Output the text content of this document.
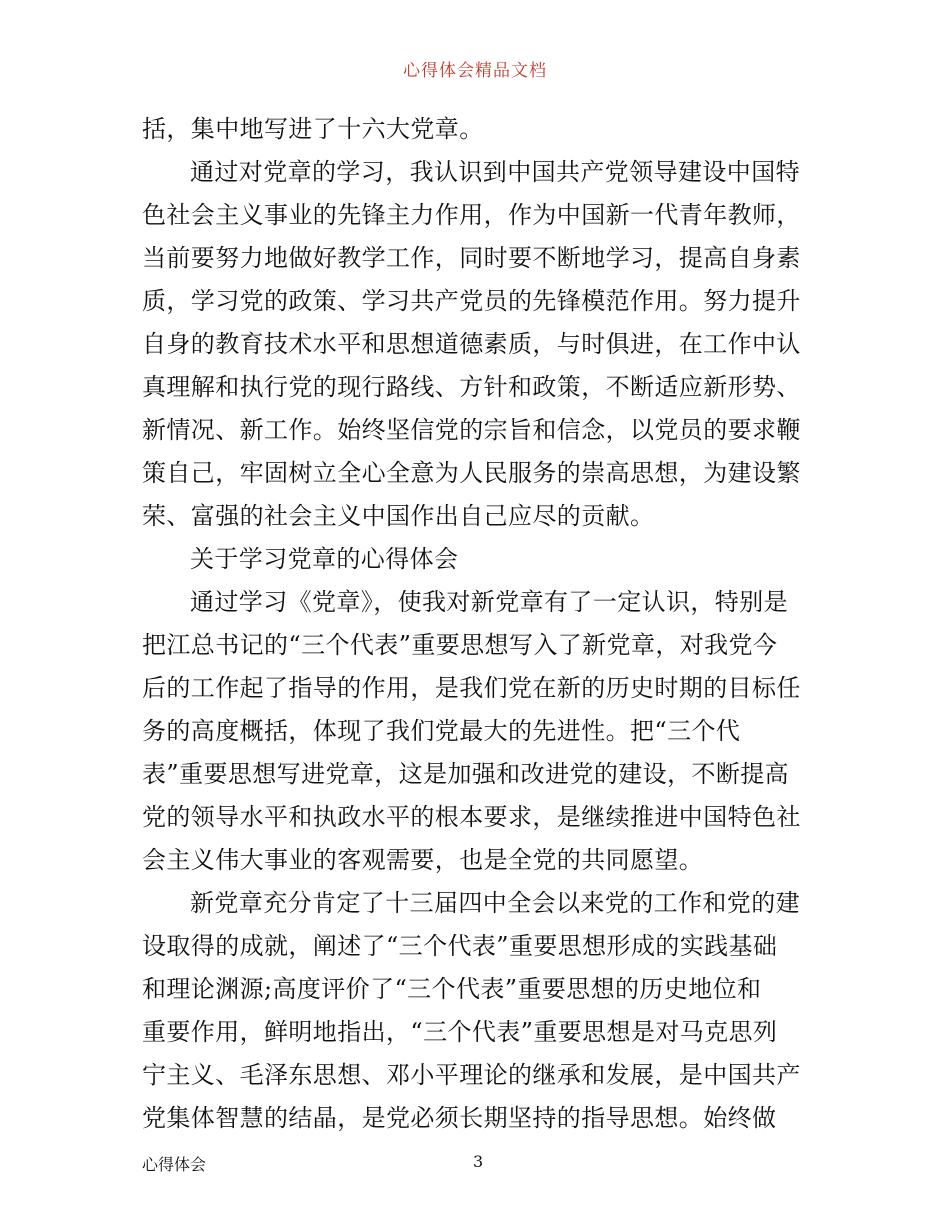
心得体会精品文档
括，集中地写进了十六大党章。
通过对党章的学习，我认识到中国共产党领导建设中国特
色社会主义事业的先锋主力作用，作为中国新一代青年教师，
当前要努力地做好教学工作，同时要不断地学习，提高自身素
质，学习党的政策、学习共产党员的先锋模范作用。努力提升
自身的教育技术水平和思想道德素质，与时俱进，在工作中认
真理解和执行党的现行路线、方针和政策，不断适应新形势、
新情况、新工作。始终坚信党的宗旨和信念，以党员的要求鞭
策自己，牢固树立全心全意为人民服务的崇高思想，为建设繁
荣、富强的社会主义中国作出自己应尽的贡献。
关于学习党章的心得体会
通过学习《党章》，使我对新党章有了一定认识，特别是
把江总书记的“三个代表”重要思想写入了新党章，对我党今
后的工作起了指导的作用，是我们党在新的历史时期的目标任
务的高度概括，体现了我们党最大的先进性。把“三个代
表”重要思想写进党章，这是加强和改进党的建设，不断提高
党的领导水平和执政水平的根本要求，是继续推进中国特色社
会主义伟大事业的客观需要，也是全党的共同愿望。
新党章充分肯定了十三届四中全会以来党的工作和党的建
设取得的成就，阐述了“三个代表”重要思想形成的实践基础
和理论渊源;高度评价了“三个代表”重要思想的历史地位和
重要作用，鲜明地指出，“三个代表”重要思想是对马克思列
宁主义、毛泽东思想、邓小平理论的继承和发展，是中国共产
党集体智慧的结晶，是党必须长期坚持的指导思想。始终做
心得体会	3
